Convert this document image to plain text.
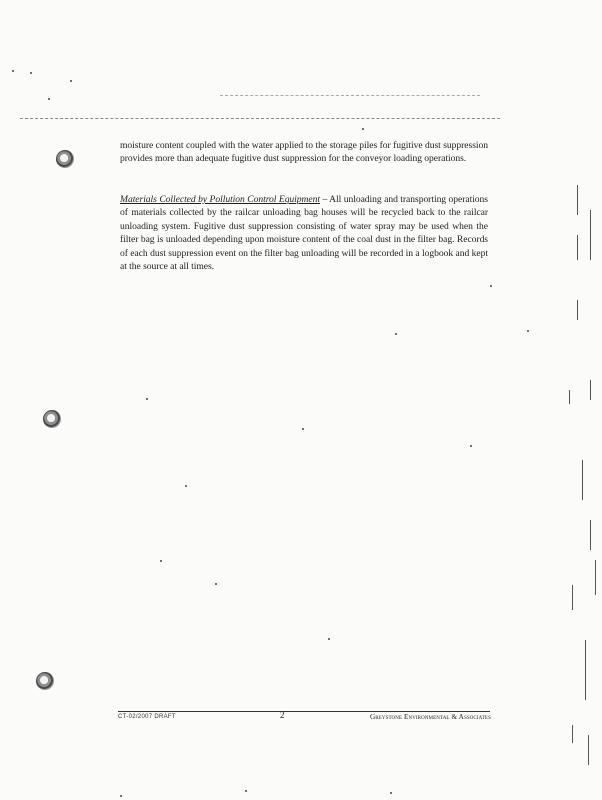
moisture content coupled with the water applied to the storage piles for fugitive dust suppression provides more than adequate fugitive dust suppression for the conveyor loading operations.

Materials Collected by Pollution Control Equipment – All unloading and transporting operations of materials collected by the railcar unloading bag houses will be recycled back to the railcar unloading system. Fugitive dust suppression consisting of water spray may be used when the filter bag is unloaded depending upon moisture content of the coal dust in the filter bag. Records of each dust suppression event on the filter bag unloading will be recorded in a logbook and kept at the source at all times.

CT-02/2007 DRAFT	2	Greystone Environmental & Associates
